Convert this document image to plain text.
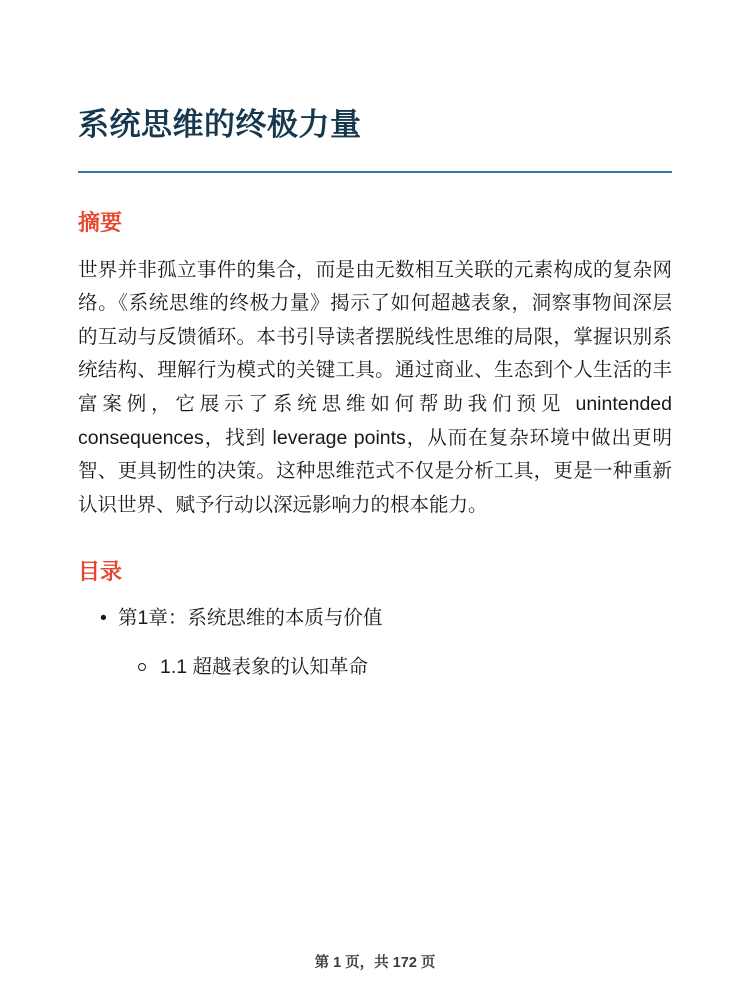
系统思维的终极力量
摘要

世界并非孤立事件的集合，而是由无数相互关联的元素构成的复杂网络。《系统思维的终极力量》揭示了如何超越表象，洞察事物间深层的互动与反馈循环。本书引导读者摆脱线性思维的局限，掌握识别系统结构、理解行为模式的关键工具。通过商业、生态到个人生活的丰富案例，它展示了系统思维如何帮助我们预见 unintended consequences，找到 leverage points，从而在复杂环境中做出更明智、更具韧性的决策。这种思维范式不仅是分析工具，更是一种重新认识世界、赋予行动以深远影响力的根本能力。

目录
• 第1章：系统思维的本质与价值
1.1 超越表象的认知革命
第 1 页，共 172 页
